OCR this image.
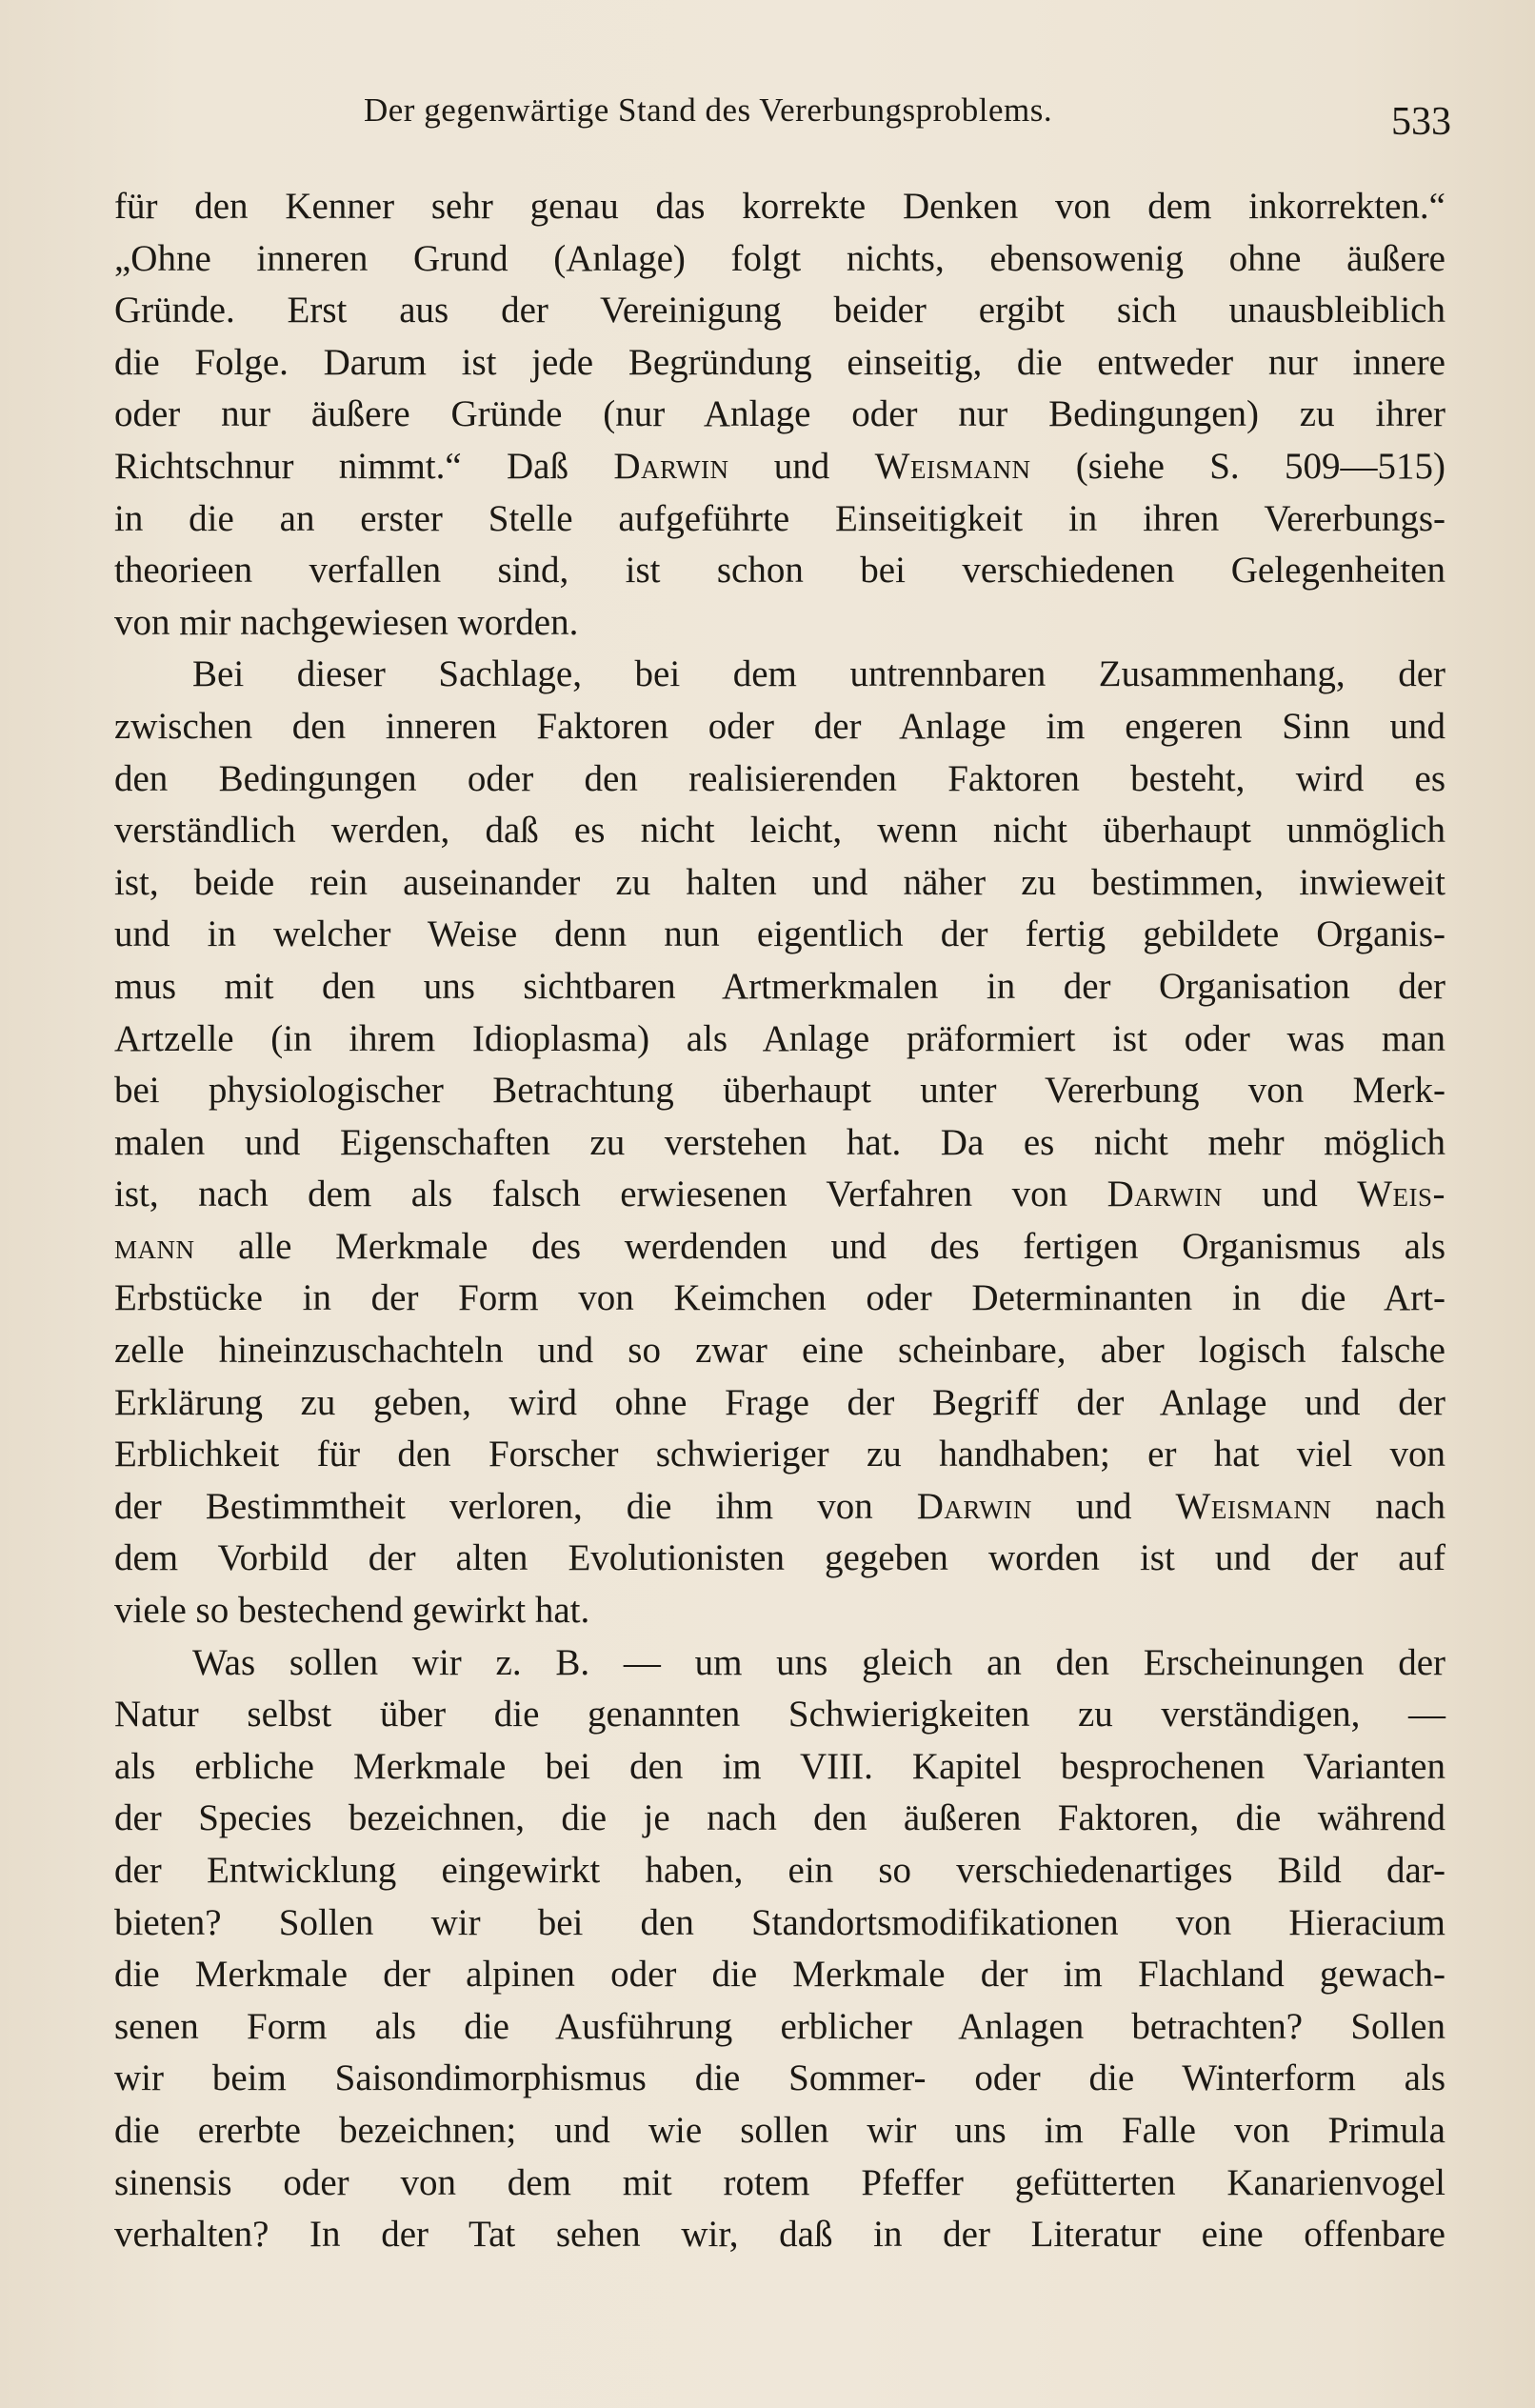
Der gegenwärtige Stand des Vererbungsproblems.	533
für den Kenner sehr genau das korrekte Denken von dem inkorrekten.“
„Ohne inneren Grund (Anlage) folgt nichts, ebensowenig ohne äußere
Gründe. Erst aus der Vereinigung beider ergibt sich unausbleiblich
die Folge. Darum ist jede Begründung einseitig, die entweder nur innere
oder nur äußere Gründe (nur Anlage oder nur Bedingungen) zu ihrer
Richtschnur nimmt.“ Daß Darwin und Weismann (siehe S. 509—515)
in die an erster Stelle aufgeführte Einseitigkeit in ihren Vererbungs-
theorieen verfallen sind, ist schon bei verschiedenen Gelegenheiten
von mir nachgewiesen worden.
Bei dieser Sachlage, bei dem untrennbaren Zusammenhang, der
zwischen den inneren Faktoren oder der Anlage im engeren Sinn und
den Bedingungen oder den realisierenden Faktoren besteht, wird es
verständlich werden, daß es nicht leicht, wenn nicht überhaupt unmöglich
ist, beide rein auseinander zu halten und näher zu bestimmen, inwieweit
und in welcher Weise denn nun eigentlich der fertig gebildete Organis-
mus mit den uns sichtbaren Artmerkmalen in der Organisation der
Artzelle (in ihrem Idioplasma) als Anlage präformiert ist oder was man
bei physiologischer Betrachtung überhaupt unter Vererbung von Merk-
malen und Eigenschaften zu verstehen hat. Da es nicht mehr möglich
ist, nach dem als falsch erwiesenen Verfahren von Darwin und Weis-
mann alle Merkmale des werdenden und des fertigen Organismus als
Erbstücke in der Form von Keimchen oder Determinanten in die Art-
zelle hineinzuschachteln und so zwar eine scheinbare, aber logisch falsche
Erklärung zu geben, wird ohne Frage der Begriff der Anlage und der
Erblichkeit für den Forscher schwieriger zu handhaben; er hat viel von
der Bestimmtheit verloren, die ihm von Darwin und Weismann nach
dem Vorbild der alten Evolutionisten gegeben worden ist und der auf
viele so bestechend gewirkt hat.
Was sollen wir z. B. — um uns gleich an den Erscheinungen der
Natur selbst über die genannten Schwierigkeiten zu verständigen, —
als erbliche Merkmale bei den im VIII. Kapitel besprochenen Varianten
der Species bezeichnen, die je nach den äußeren Faktoren, die während
der Entwicklung eingewirkt haben, ein so verschiedenartiges Bild dar-
bieten? Sollen wir bei den Standortsmodifikationen von Hieracium
die Merkmale der alpinen oder die Merkmale der im Flachland gewach-
senen Form als die Ausführung erblicher Anlagen betrachten? Sollen
wir beim Saisondimorphismus die Sommer- oder die Winterform als
die ererbte bezeichnen; und wie sollen wir uns im Falle von Primula
sinensis oder von dem mit rotem Pfeffer gefütterten Kanarienvogel
verhalten? In der Tat sehen wir, daß in der Literatur eine offenbare
